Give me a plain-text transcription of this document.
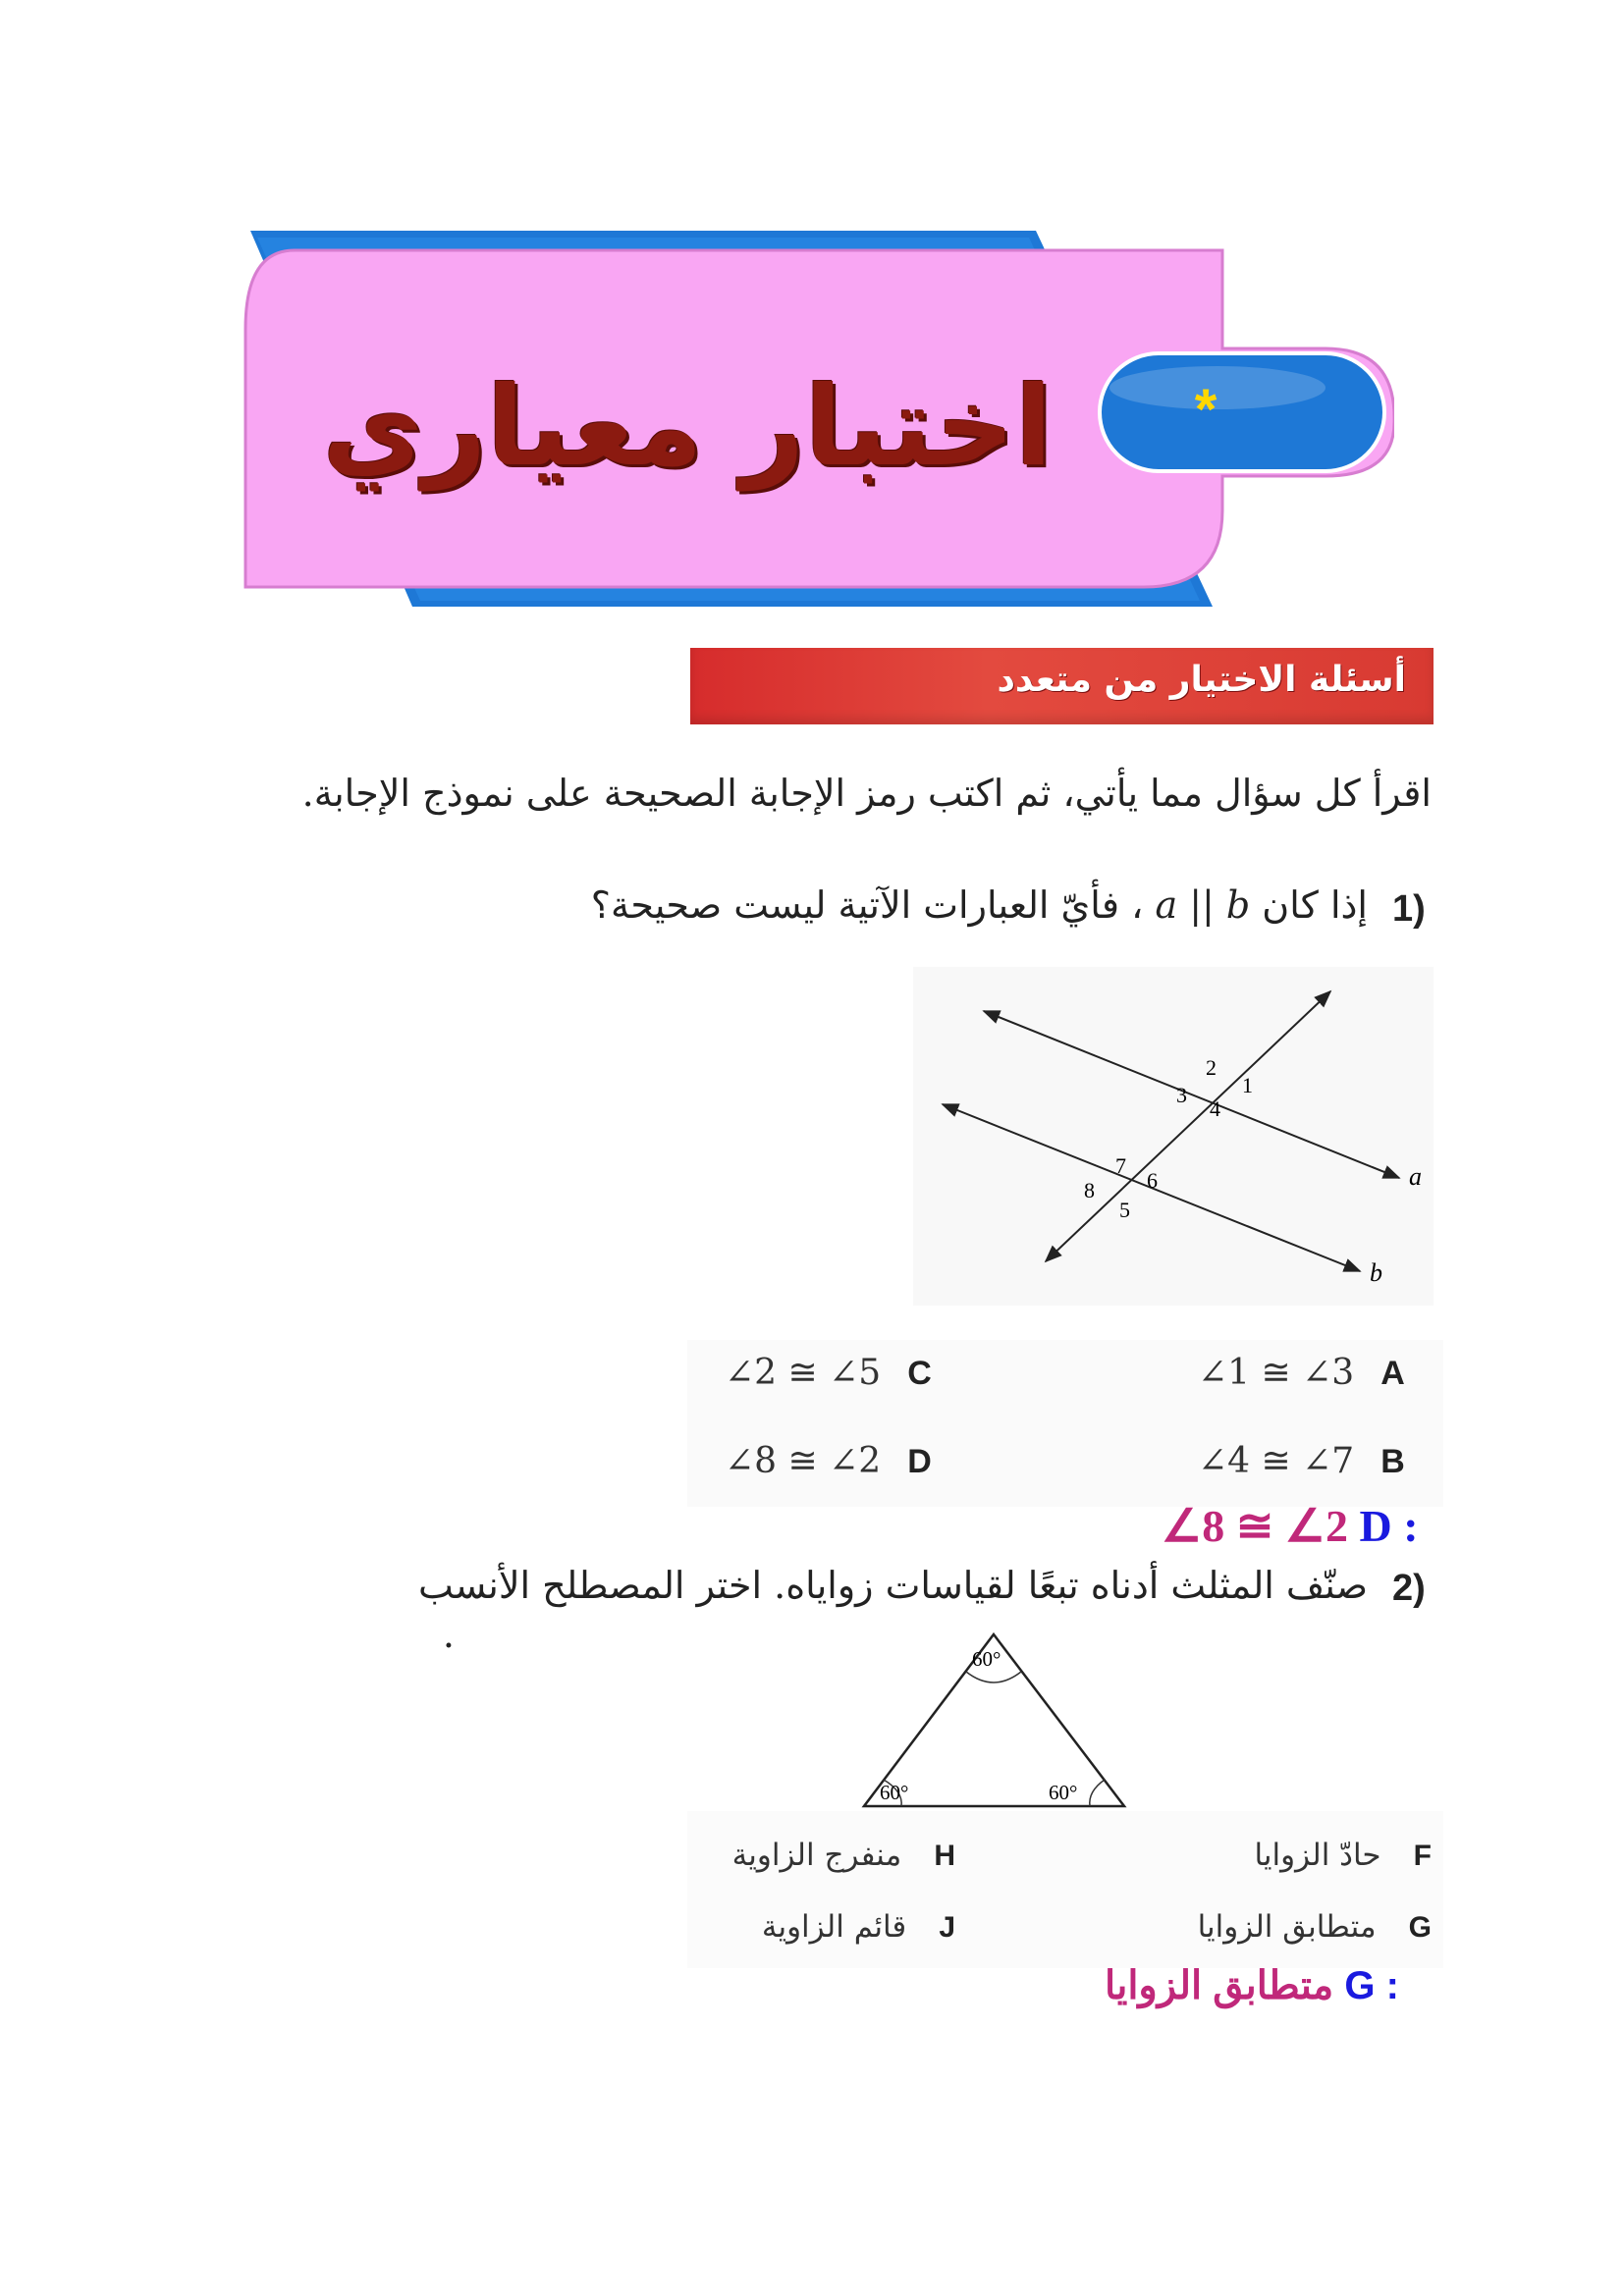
اختبار معياري	*
أسئلة الاختيار من متعدد
اقرأ كل سؤال مما يأتي، ثم اكتب رمز الإجابة الصحيحة على نموذج الإجابة.
1)
إذا كان a || b ، فأيّ العبارات الآتية ليست صحيحة؟
a
b
1
2
3
4
5
6
7
8
∠1 ≅ ∠3 A
∠4 ≅ ∠7 B
∠2 ≅ ∠5 C
∠8 ≅ ∠2 D
∠8 ≅ ∠2 D :
2)
صنّف المثلث أدناه تبعًا لقياسات زواياه. اختر المصطلح الأنسب
.
60°
60°	60°
F حادّ الزوايا
G متطابق الزوايا
H منفرج الزاوية
J قائم الزاوية
متطابق الزوايا G :
